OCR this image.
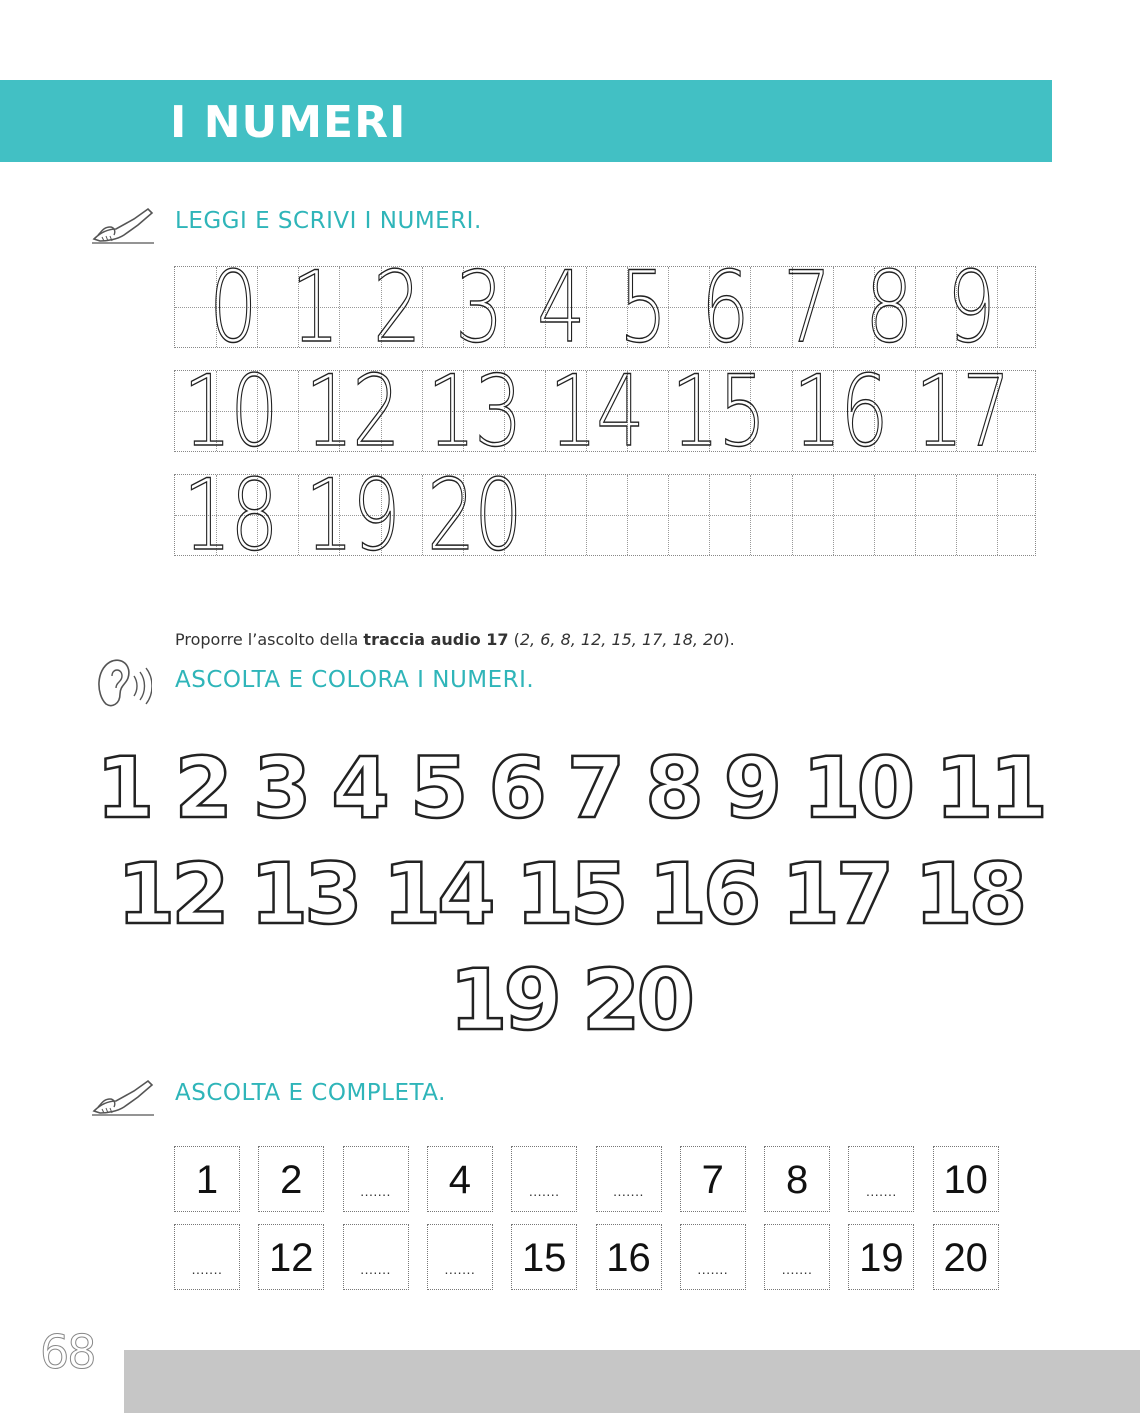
I NUMERI
LEGGI E SCRIVI I NUMERI.
0 1 2 3 4 5 6 7 8 9
10 12 13 14 15 16 17
18 19 20
Proporre l’ascolto della traccia audio 17 (2, 6, 8, 12, 15, 17, 18, 20).
ASCOLTA E COLORA I NUMERI.
1 2 3 4 5 6 7 8 9 10 11
12 13 14 15 16 17 18
19 20
ASCOLTA E COMPLETA.
1	2	.......	4	.......	.......	7	8	.......	10
.......	12	.......	.......	15 16	.......	.......	19 20
68
